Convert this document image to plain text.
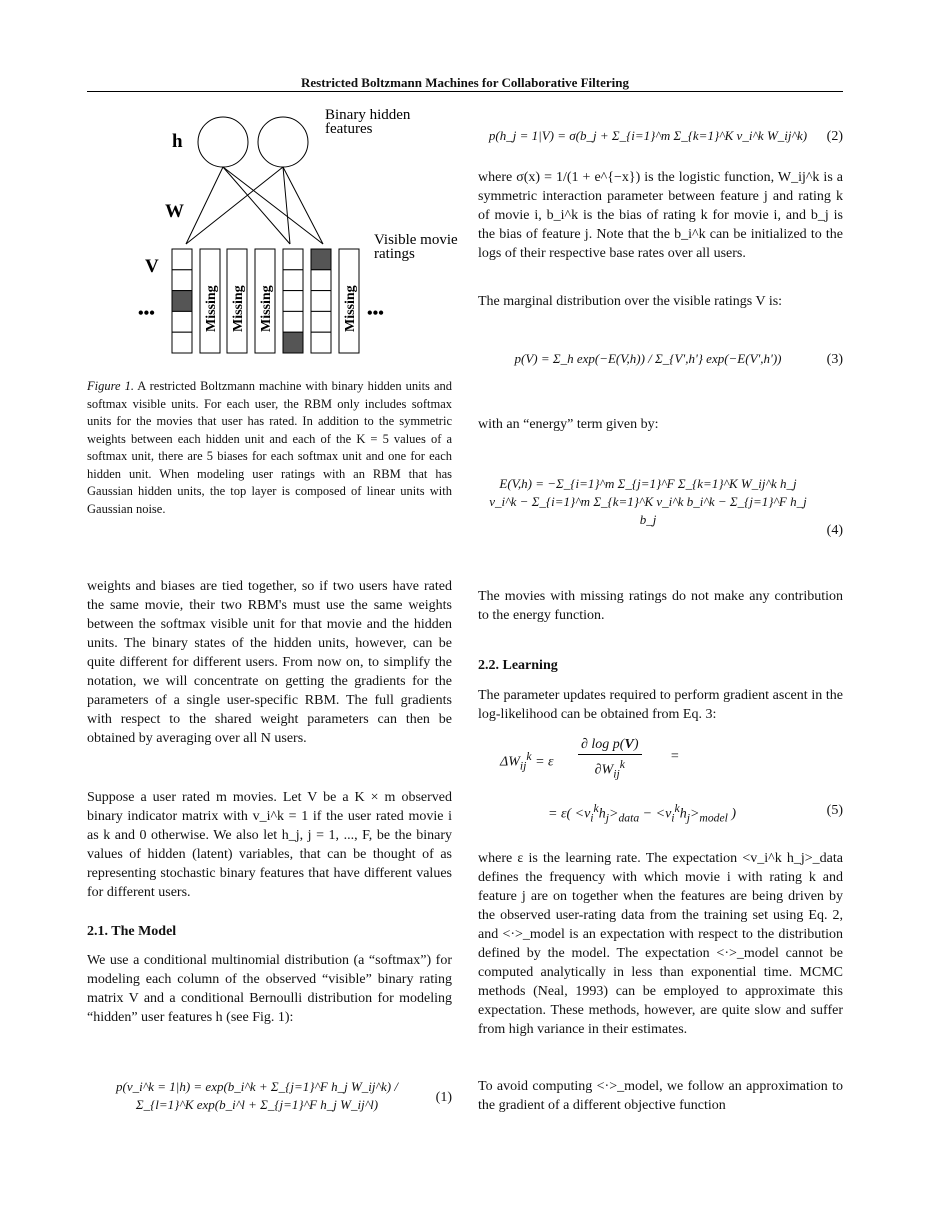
Restricted Boltzmann Machines for Collaborative Filtering
Missing Missing Missing	Missing
h
W
V
•••	•••
Binary hidden
features
Visible movie
ratings
Figure 1. A restricted Boltzmann machine with binary hidden units and softmax visible units. For each user, the RBM only includes softmax units for the movies that user has rated. In addition to the symmetric weights between each hidden unit and each of the K = 5 values of a softmax unit, there are 5 biases for each softmax unit and one for each hidden unit. When modeling user ratings with an RBM that has Gaussian hidden units, the top layer is composed of linear units with Gaussian noise.
weights and biases are tied together, so if two users have rated the same movie, their two RBM's must use the same weights between the softmax visible unit for that movie and the hidden units. The binary states of the hidden units, however, can be quite different for different users. From now on, to simplify the notation, we will concentrate on getting the gradients for the parameters of a single user-specific RBM. The full gradients with respect to the shared weight parameters can then be obtained by averaging over all N users.
Suppose a user rated m movies. Let V be a K × m observed binary indicator matrix with v_i^k = 1 if the user rated movie i as k and 0 otherwise. We also let h_j, j = 1, ..., F, be the binary values of hidden (latent) variables, that can be thought of as representing stochastic binary features that have different values for different users.
2.1. The Model
We use a conditional multinomial distribution (a “softmax”) for modeling each column of the observed “visible” binary rating matrix V and a conditional Bernoulli distribution for modeling “hidden” user features h (see Fig. 1):
p(v_i^k = 1|h) = exp(b_i^k + Σ_{j=1}^F h_j W_ij^k) / Σ_{l=1}^K exp(b_i^l + Σ_{j=1}^F h_j W_ij^l)	(1)
p(h_j = 1|V) = σ(b_j + Σ_{i=1}^m Σ_{k=1}^K v_i^k W_ij^k) (2)
where σ(x) = 1/(1 + e^{−x}) is the logistic function, W_ij^k is a symmetric interaction parameter between feature j and rating k of movie i, b_i^k is the bias of rating k for movie i, and b_j is the bias of feature j. Note that the b_i^k can be initialized to the logs of their respective base rates over all users.
The marginal distribution over the visible ratings V is:
p(V) = Σ_h exp(−E(V,h)) / Σ_{V',h'} exp(−E(V',h'))	(3)
with an “energy” term given by:
E(V,h) = −Σ_{i=1}^m Σ_{j=1}^F Σ_{k=1}^K W_ij^k h_j v_i^k − Σ_{i=1}^m Σ_{k=1}^K v_i^k b_i^k − Σ_{j=1}^F h_j b_j
(4)
The movies with missing ratings do not make any contribution to the energy function.
2.2. Learning
The parameter updates required to perform gradient ascent in the log-likelihood can be obtained from Eq. 3:
$\Delta W_{ij}^k = \varepsilon$
∂ log p(V)
$\partial W_{ij}^k$
=
= $\varepsilon( <v_i^kh_j>_{data} - <v_i^kh_j>_{model}$ )	(5)
where ε is the learning rate. The expectation <v_i^k h_j>_data defines the frequency with which movie i with rating k and feature j are on together when the features are being driven by the observed user-rating data from the training set using Eq. 2, and <·>_model is an expectation with respect to the distribution defined by the model. The expectation <·>_model cannot be computed analytically in less than exponential time. MCMC methods (Neal, 1993) can be employed to approximate this expectation. These methods, however, are quite slow and suffer from high variance in their estimates.
To avoid computing <·>_model, we follow an approximation to the gradient of a different objective function
